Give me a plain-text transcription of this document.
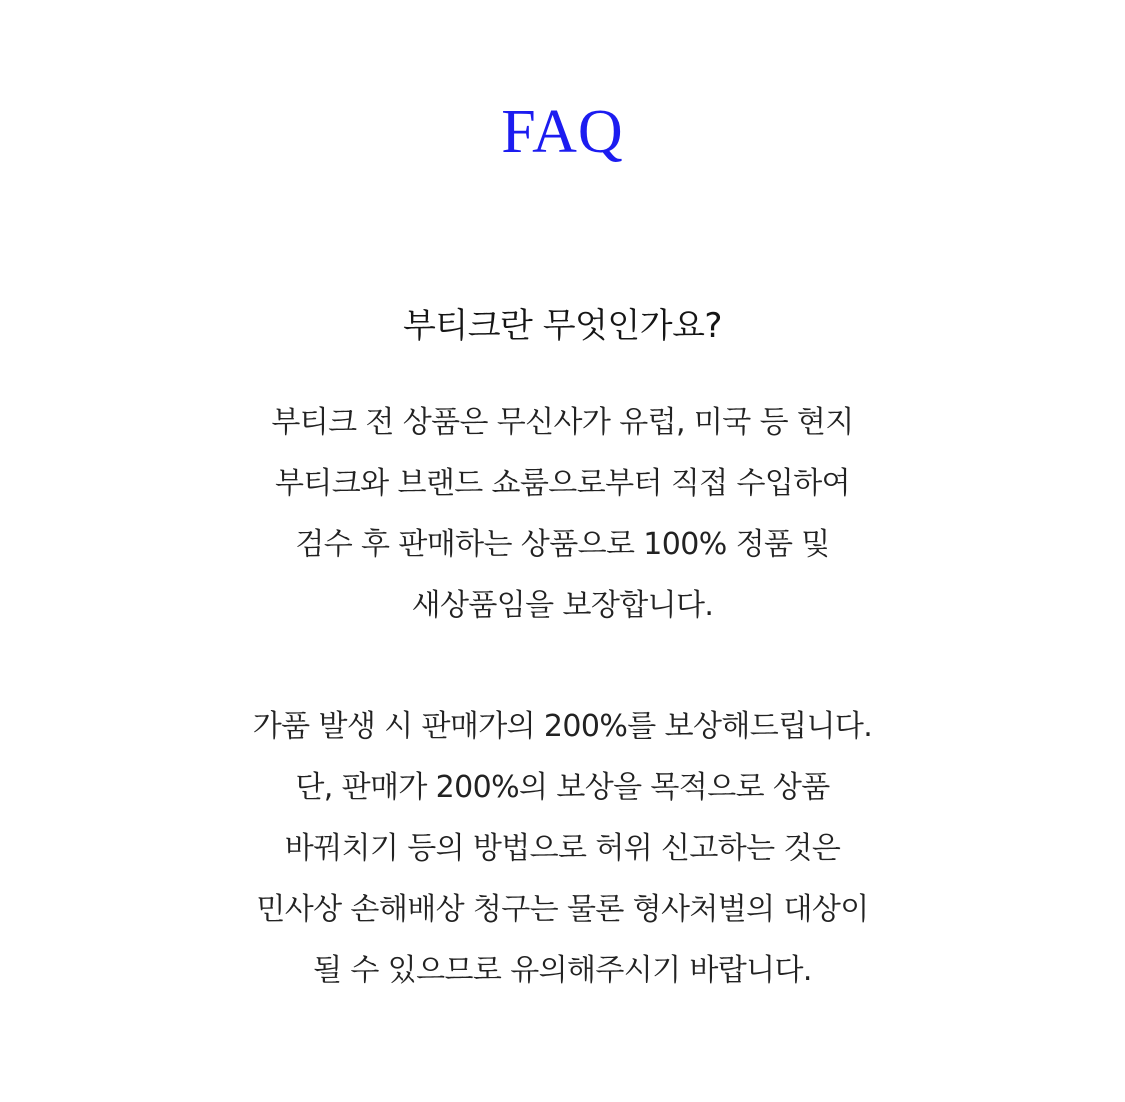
FAQ
부티크란 무엇인가요?

부티크 전 상품은 무신사가 유럽, 미국 등 현지
부티크와 브랜드 쇼룸으로부터 직접 수입하여
검수 후 판매하는 상품으로 100% 정품 및
새상품임을 보장합니다.

가품 발생 시 판매가의 200%를 보상해드립니다.
단, 판매가 200%의 보상을 목적으로 상품
바꿔치기 등의 방법으로 허위 신고하는 것은
민사상 손해배상 청구는 물론 형사처벌의 대상이
될 수 있으므로 유의해주시기 바랍니다.
